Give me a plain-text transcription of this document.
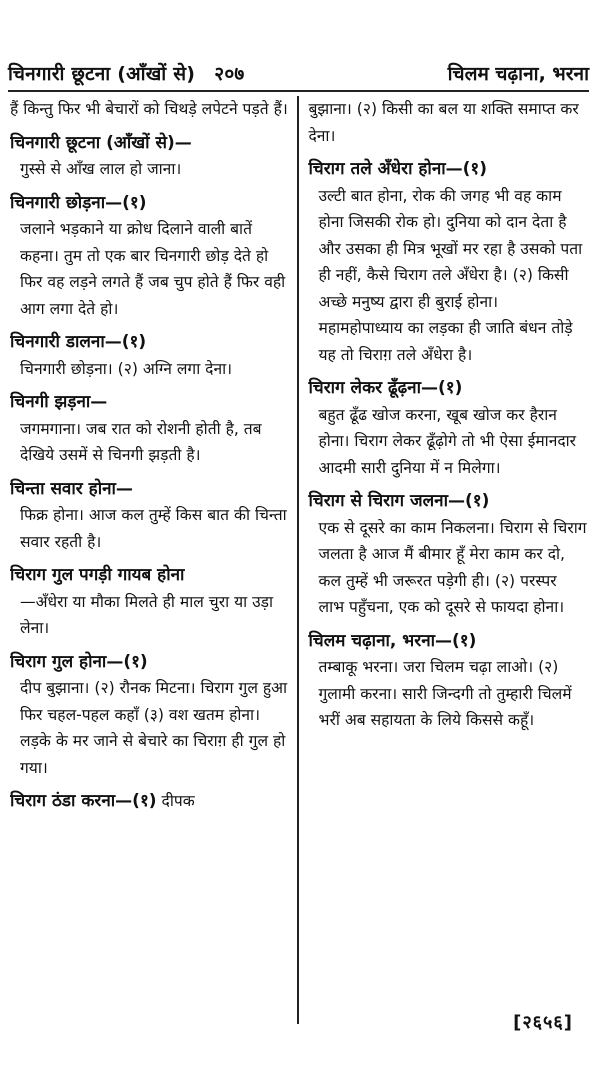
चिनगारी छूटना (आँखों से) २०७	चिलम चढ़ाना, भरना
हैं किन्तु फिर भी बेचारों को चिथड़े लपेटने पड़ते हैं।
चिनगारी छूटना (आँखों से)—
गुस्से से आँख लाल हो जाना।
चिनगारी छोड़ना—(१)
जलाने भड़काने या क्रोध दिलाने वाली बातें कहना। तुम तो एक बार चिनगारी छोड़ देते हो फिर वह लड़ने लगते हैं जब चुप होते हैं फिर वही आग लगा देते हो।
चिनगारी डालना—(१)
चिनगारी छोड़ना। (२) अग्नि लगा देना।
चिनगी झड़ना—
जगमगाना। जब रात को रोशनी होती है, तब देखिये उसमें से चिनगी झड़ती है।
चिन्ता सवार होना—
फिक्र होना। आज कल तुम्हें किस बात की चिन्ता सवार रहती है।
चिराग गुल पगड़ी गायब होना
—अँधेरा या मौका मिलते ही माल चुरा या उड़ा लेना।
चिराग गुल होना—(१)
दीप बुझाना। (२) रौनक मिटना। चिराग गुल हुआ फिर चहल-पहल कहाँ (३) वश खतम होना। लड़के के मर जाने से बेचारे का चिराग़ ही गुल हो गया।
चिराग ठंडा करना—(१) दीपक
बुझाना। (२) किसी का बल या शक्ति समाप्त कर देना।
चिराग तले अँधेरा होना—(१)
उल्टी बात होना, रोक की जगह भी वह काम होना जिसकी रोक हो। दुनिया को दान देता है और उसका ही मित्र भूखों मर रहा है उसको पता ही नहीं, कैसे चिराग तले अँधेरा है। (२) किसी अच्छे मनुष्य द्वारा ही बुराई होना। महामहोपाध्याय का लड़का ही जाति बंधन तोड़े यह तो चिराग़ तले अँधेरा है।
चिराग लेकर ढूँढ़ना—(१)
बहुत ढूँढ खोज करना, खूब खोज कर हैरान होना। चिराग लेकर ढूँढ़ोगे तो भी ऐसा ईमानदार आदमी सारी दुनिया में न मिलेगा।
चिराग से चिराग जलना—(१)
एक से दूसरे का काम निकलना। चिराग से चिराग जलता है आज मैं बीमार हूँ मेरा काम कर दो, कल तुम्हें भी जरूरत पड़ेगी ही। (२) परस्पर लाभ पहुँचना, एक को दूसरे से फायदा होना।
चिलम चढ़ाना, भरना—(१)
तम्बाकू भरना। जरा चिलम चढ़ा लाओ। (२) गुलामी करना। सारी जिन्दगी तो तुम्हारी चिलमें भरीं अब सहायता के लिये किससे कहूँ।
[२६५६]
